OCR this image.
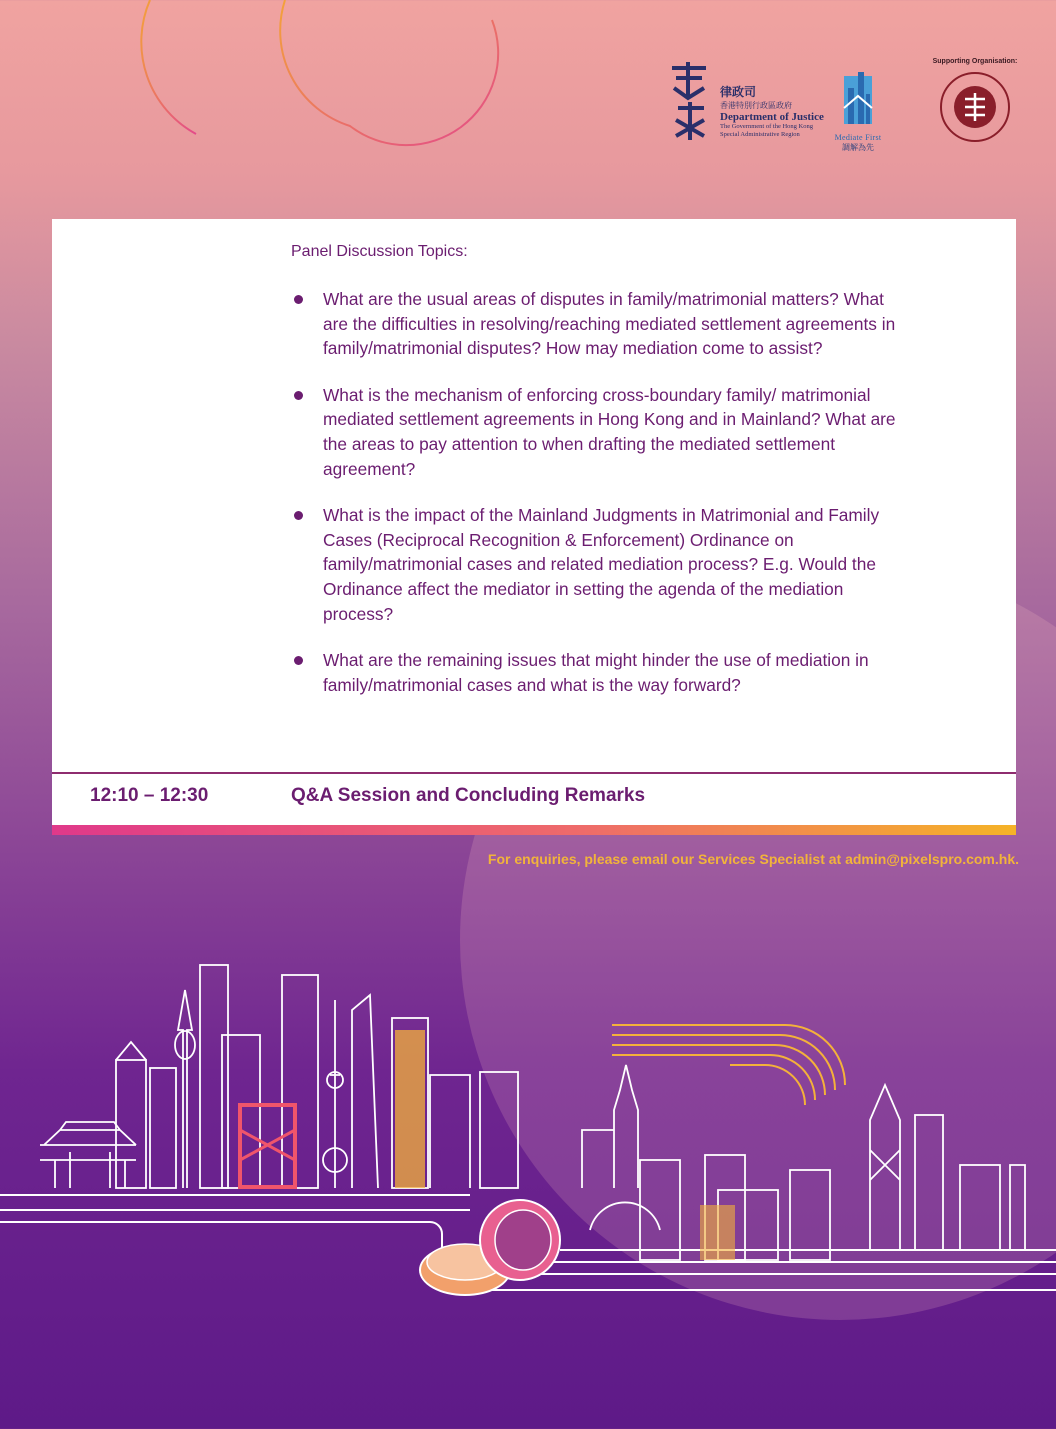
律政司
香港特別行政區政府
Department of Justice
The Government of the Hong Kong
Special Administrative Region	Mediate First
調解為先
Supporting Organisation:
Panel Discussion Topics:
What are the usual areas of disputes in family/matrimonial matters? What are the difficulties in resolving/reaching mediated settlement agreements in family/matrimonial disputes? How may mediation come to assist?
What is the mechanism of enforcing cross-boundary family/ matrimonial mediated settlement agreements in Hong Kong and in Mainland? What are the areas to pay attention to when drafting the mediated settlement agreement?
What is the impact of the Mainland Judgments in Matrimonial and Family Cases (Reciprocal Recognition & Enforcement) Ordinance on family/matrimonial cases and related mediation process? E.g. Would the Ordinance affect the mediator in setting the agenda of the mediation process?
What are the remaining issues that might hinder the use of mediation in family/matrimonial cases and what is the way forward?
12:10 – 12:30	Q&A Session and Concluding Remarks
For enquiries, please email our Services Specialist at admin@pixelspro.com.hk.
